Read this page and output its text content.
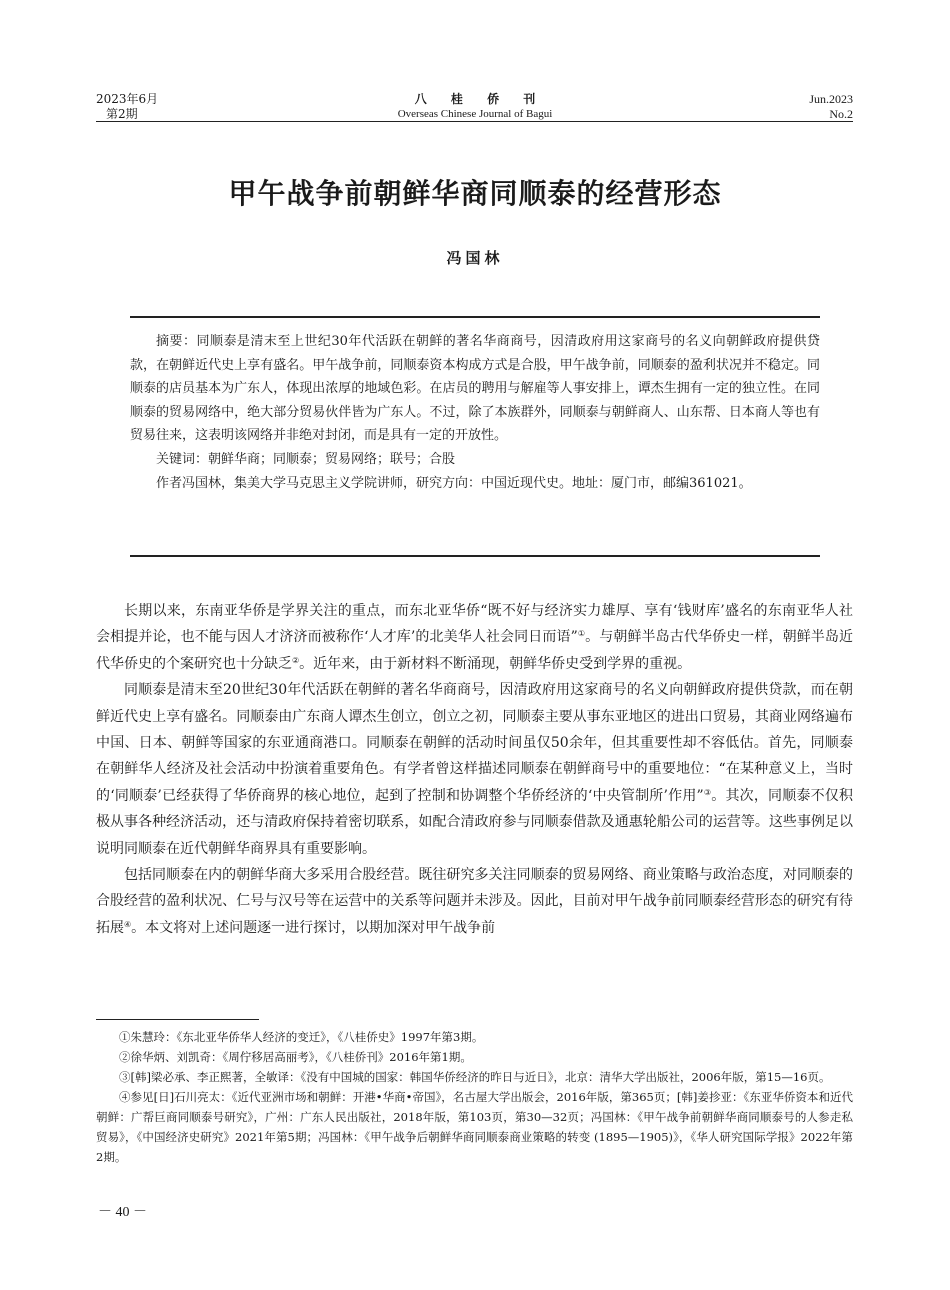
2023年6月
第2期
八 桂 侨 刊
Overseas Chinese Journal of Bagui
Jun.2023
No.2
甲午战争前朝鲜华商同顺泰的经营形态
冯国林

摘要：同顺泰是清末至上世纪30年代活跃在朝鲜的著名华商商号，因清政府用这家商号的名义向朝鲜政府提供贷款，在朝鲜近代史上享有盛名。甲午战争前，同顺泰资本构成方式是合股，甲午战争前，同顺泰的盈利状况并不稳定。同顺泰的店员基本为广东人，体现出浓厚的地域色彩。在店员的聘用与解雇等人事安排上，谭杰生拥有一定的独立性。在同顺泰的贸易网络中，绝大部分贸易伙伴皆为广东人。不过，除了本族群外，同顺泰与朝鲜商人、山东帮、日本商人等也有贸易往来，这表明该网络并非绝对封闭，而是具有一定的开放性。

关键词：朝鲜华商；同顺泰；贸易网络；联号；合股

作者冯国林，集美大学马克思主义学院讲师，研究方向：中国近现代史。地址：厦门市，邮编361021。

长期以来，东南亚华侨是学界关注的重点，而东北亚华侨“既不好与经济实力雄厚、享有‘钱财库’盛名的东南亚华人社会相提并论，也不能与因人才济济而被称作‘人才库’的北美华人社会同日而语”①。与朝鲜半岛古代华侨史一样，朝鲜半岛近代华侨史的个案研究也十分缺乏②。近年来，由于新材料不断涌现，朝鲜华侨史受到学界的重视。

同顺泰是清末至20世纪30年代活跃在朝鲜的著名华商商号，因清政府用这家商号的名义向朝鲜政府提供贷款，而在朝鲜近代史上享有盛名。同顺泰由广东商人谭杰生创立，创立之初，同顺泰主要从事东亚地区的进出口贸易，其商业网络遍布中国、日本、朝鲜等国家的东亚通商港口。同顺泰在朝鲜的活动时间虽仅50余年，但其重要性却不容低估。首先，同顺泰在朝鲜华人经济及社会活动中扮演着重要角色。有学者曾这样描述同顺泰在朝鲜商号中的重要地位：“在某种意义上，当时的‘同顺泰’已经获得了华侨商界的核心地位，起到了控制和协调整个华侨经济的‘中央管制所’作用”③。其次，同顺泰不仅积极从事各种经济活动，还与清政府保持着密切联系，如配合清政府参与同顺泰借款及通惠轮船公司的运营等。这些事例足以说明同顺泰在近代朝鲜华商界具有重要影响。

包括同顺泰在内的朝鲜华商大多采用合股经营。既往研究多关注同顺泰的贸易网络、商业策略与政治态度，对同顺泰的合股经营的盈利状况、仁号与汉号等在运营中的关系等问题并未涉及。因此，目前对甲午战争前同顺泰经营形态的研究有待拓展④。本文将对上述问题逐一进行探讨，以期加深对甲午战争前

①朱慧玲：《东北亚华侨华人经济的变迁》，《八桂侨史》1997年第3期。

②徐华炳、刘凯奇：《周佇移居高丽考》，《八桂侨刊》2016年第1期。

③[韩]梁必承、李正熙著，全敏译：《没有中国城的国家：韩国华侨经济的昨日与近日》，北京：清华大学出版社，2006年版，第15—16页。

④参见[日]石川亮太：《近代亚洲市场和朝鲜：开港•华商•帝国》，名古屋大学出版会，2016年版，第365页；[韩]姜抮亚：《东亚华侨资本和近代朝鲜：广帮巨商同顺泰号研究》，广州：广东人民出版社，2018年版，第103页，第30—32页；冯国林：《甲午战争前朝鲜华商同顺泰号的人参走私贸易》，《中国经济史研究》2021年第5期；冯国林：《甲午战争后朝鲜华商同顺泰商业策略的转变 (1895—1905)》，《华人研究国际学报》2022年第2期。

－ 40 －
